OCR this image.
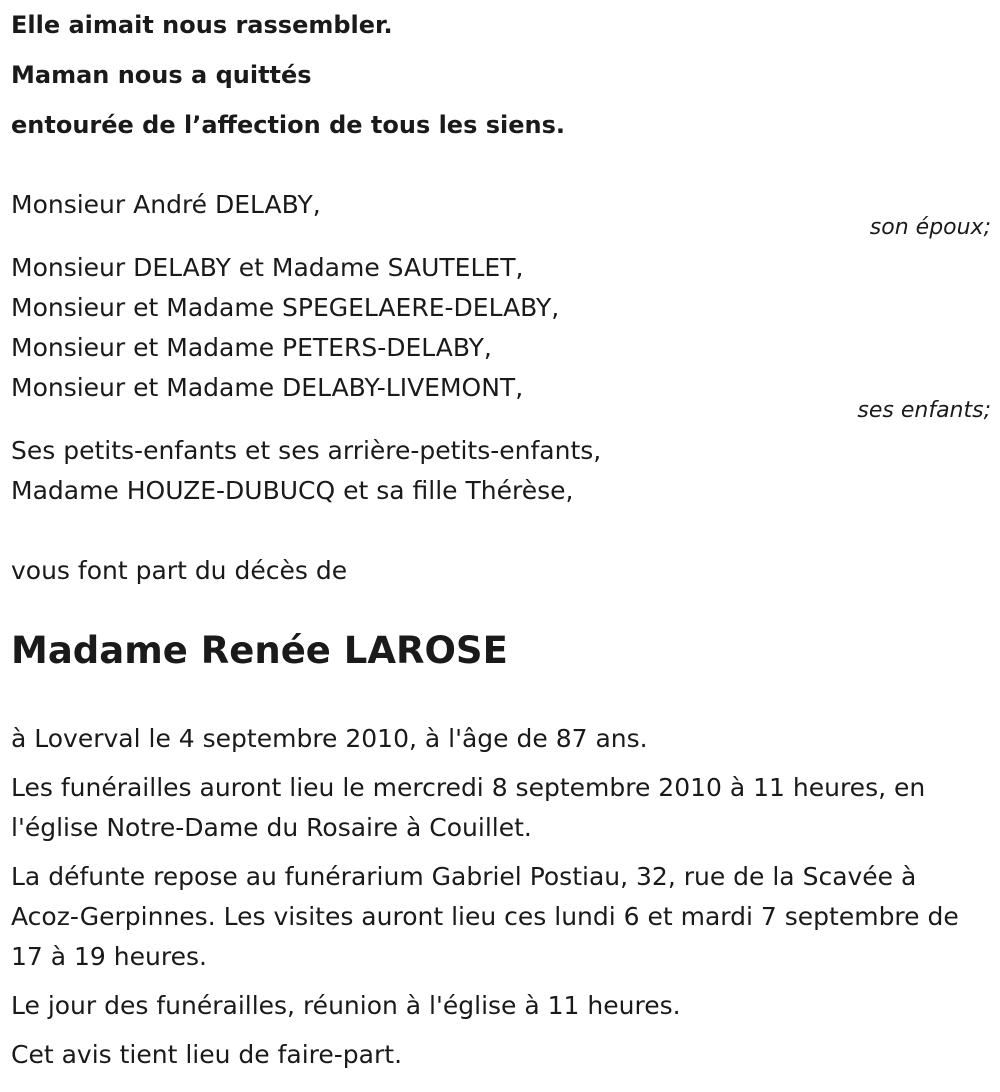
Elle aimait nous rassembler.
Maman nous a quittés
entourée de l’affection de tous les siens.
Monsieur André DELABY,
son époux;
Monsieur DELABY et Madame SAUTELET,
Monsieur et Madame SPEGELAERE-DELABY,
Monsieur et Madame PETERS-DELABY,
Monsieur et Madame DELABY-LIVEMONT,
ses enfants;
Ses petits-enfants et ses arrière-petits-enfants,
Madame HOUZE-DUBUCQ et sa fille Thérèse,
vous font part du décès de
Madame Renée LAROSE
à Loverval le 4 septembre 2010, à l'âge de 87 ans.
Les funérailles auront lieu le mercredi 8 septembre 2010 à 11 heures, en l'église Notre-Dame du Rosaire à Couillet.
La défunte repose au funérarium Gabriel Postiau, 32, rue de la Scavée à Acoz-Gerpinnes. Les visites auront lieu ces lundi 6 et mardi 7 septembre de 17 à 19 heures.
Le jour des funérailles, réunion à l'église à 11 heures.
Cet avis tient lieu de faire-part.
